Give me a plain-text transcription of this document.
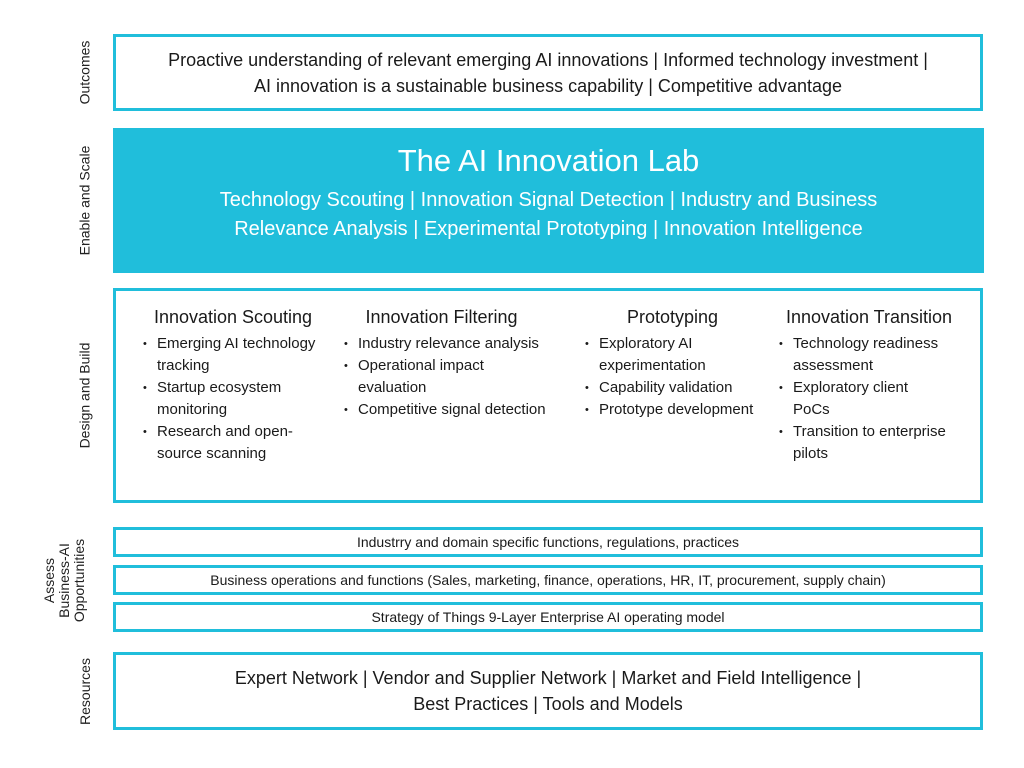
Outcomes	Proactive understanding of relevant emerging AI innovations | Informed technology investment |
AI innovation is a sustainable business capability | Competitive advantage
Enable and Scale	The AI Innovation Lab
Technology Scouting | Innovation Signal Detection | Industry and Business
Relevance Analysis | Experimental Prototyping | Innovation Intelligence
Design and Build
Innovation Scouting
• Emerging AI technology tracking
• Startup ecosystem monitoring
• Research and open-source scanning
Innovation Filtering
• Industry relevance analysis
• Operational impact evaluation
• Competitive signal detection
Prototyping
• Exploratory AI experimentation
• Capability validation
• Prototype development
Innovation Transition
• Technology readiness assessment
• Exploratory client PoCs
• Transition to enterprise pilots
Assess Business-AI Opportunities	Industrry and domain specific functions, regulations, practices
Business operations and functions (Sales, marketing, finance, operations, HR, IT, procurement, supply chain)
Strategy of Things 9-Layer Enterprise AI operating model
Resources	Expert Network | Vendor and Supplier Network | Market and Field Intelligence |
Best Practices | Tools and Models
